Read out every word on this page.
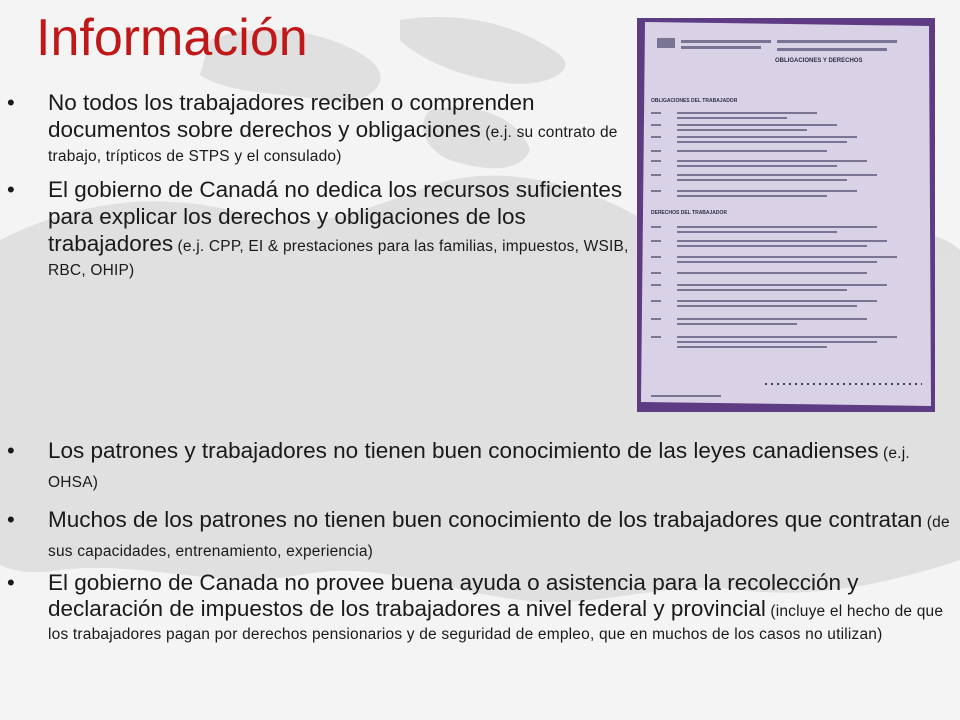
Información
• No todos los trabajadores reciben o comprenden documentos sobre derechos y obligaciones (e.j. su contrato de trabajo, trípticos de STPS y el consulado)
• El gobierno de Canadá no dedica los recursos suficientes para explicar los derechos y obligaciones de los trabajadores (e.j. CPP, EI & prestaciones para las familias, impuestos, WSIB, RBC, OHIP)
OBLIGACIONES Y DERECHOS
OBLIGACIONES DEL TRABAJADOR
DERECHOS DEL TRABAJADOR
• Los patrones y trabajadores no tienen buen conocimiento de las leyes canadienses (e.j. OHSA)
• Muchos de los patrones no tienen buen conocimiento de los trabajadores que contratan (de sus capacidades, entrenamiento, experiencia)
• El gobierno de Canada no provee buena ayuda o asistencia para la recolección y declaración de impuestos de los trabajadores a nivel federal y provincial (incluye el hecho de que los trabajadores pagan por derechos pensionarios y de seguridad de empleo, que en muchos de los casos no utilizan)
